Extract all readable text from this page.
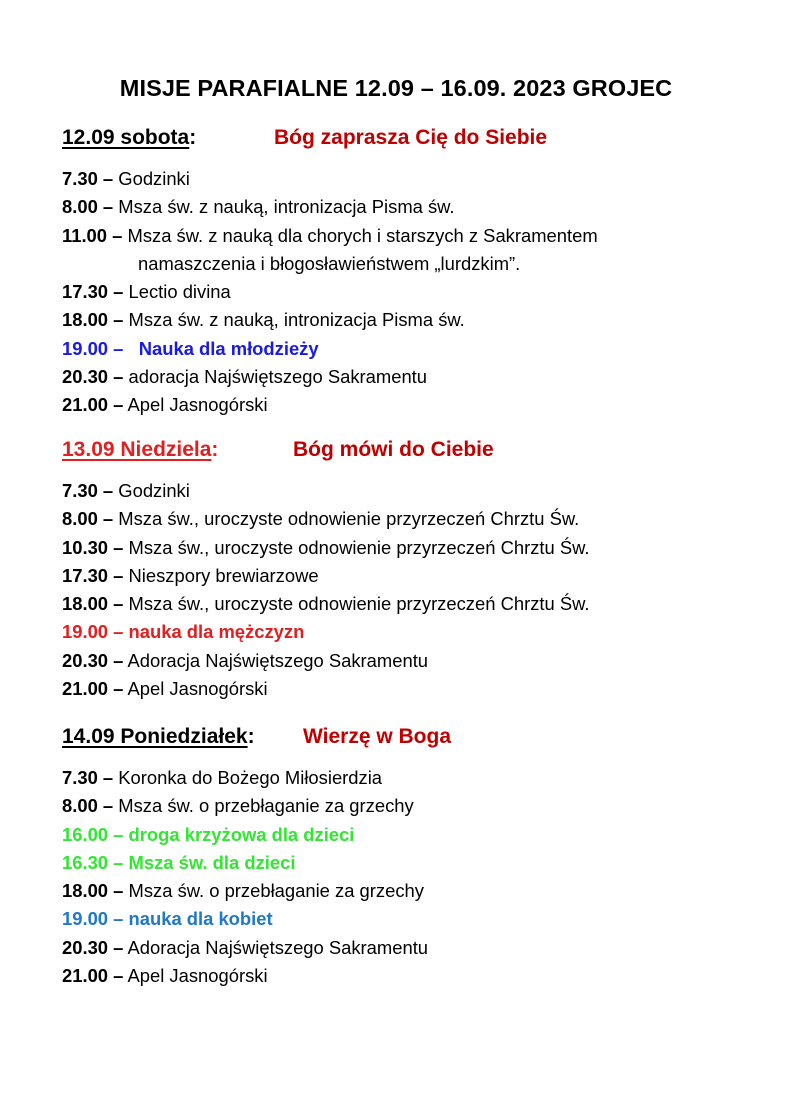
MISJE PARAFIALNE 12.09 – 16.09. 2023 GROJEC
12.09 sobota:	Bóg zaprasza Cię do Siebie
7.30 – Godzinki
8.00 – Msza św. z nauką, intronizacja Pisma św.
11.00 – Msza św. z nauką dla chorych i starszych z Sakramentem
namaszczenia i błogosławieństwem „lurdzkim”.
17.30 – Lectio divina
18.00 – Msza św. z nauką, intronizacja Pisma św.
19.00 – Nauka dla młodzieży
20.30 – adoracja Najświętszego Sakramentu
21.00 – Apel Jasnogórski
13.09 Niedziela:	Bóg mówi do Ciebie
7.30 – Godzinki
8.00 – Msza św., uroczyste odnowienie przyrzeczeń Chrztu Św.
10.30 – Msza św., uroczyste odnowienie przyrzeczeń Chrztu Św.
17.30 – Nieszpory brewiarzowe
18.00 – Msza św., uroczyste odnowienie przyrzeczeń Chrztu Św.
19.00 – nauka dla mężczyzn
20.30 – Adoracja Najświętszego Sakramentu
21.00 – Apel Jasnogórski
14.09 Poniedziałek: Wierzę w Boga
7.30 – Koronka do Bożego Miłosierdzia
8.00 – Msza św. o przebłaganie za grzechy
16.00 – droga krzyżowa dla dzieci
16.30 – Msza św. dla dzieci
18.00 – Msza św. o przebłaganie za grzechy
19.00 – nauka dla kobiet
20.30 – Adoracja Najświętszego Sakramentu
21.00 – Apel Jasnogórski
